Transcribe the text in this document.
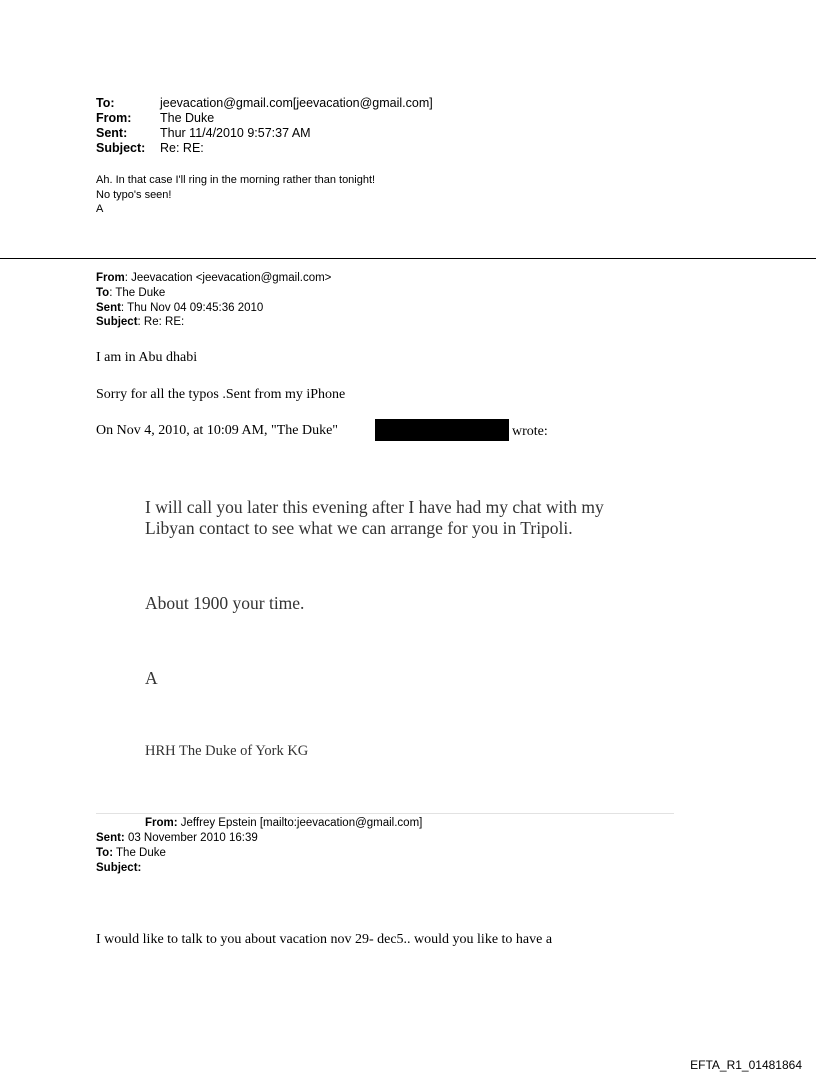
To:	jeevacation@gmail.com[jeevacation@gmail.com]
From: The Duke
Sent:	Thur 11/4/2010 9:57:37 AM
Subject: Re: RE:
Ah. In that case I'll ring in the morning rather than tonight!
No typo's seen!
A
From: Jeevacation <jeevacation@gmail.com>
To: The Duke
Sent: Thu Nov 04 09:45:36 2010
Subject: Re: RE:
I am in Abu dhabi
Sorry for all the typos .Sent from my iPhone
On Nov 4, 2010, at 10:09 AM, "The Duke"	wrote:
I will call you later this evening after I have had my chat with my
Libyan contact to see what we can arrange for you in Tripoli.
About 1900 your time.
A
HRH The Duke of York KG
From: Jeffrey Epstein [mailto:jeevacation@gmail.com]
Sent: 03 November 2010 16:39
To: The Duke
Subject:
I would like to talk to you about vacation nov 29- dec5.. would you like to have a
EFTA_R1_01481864
